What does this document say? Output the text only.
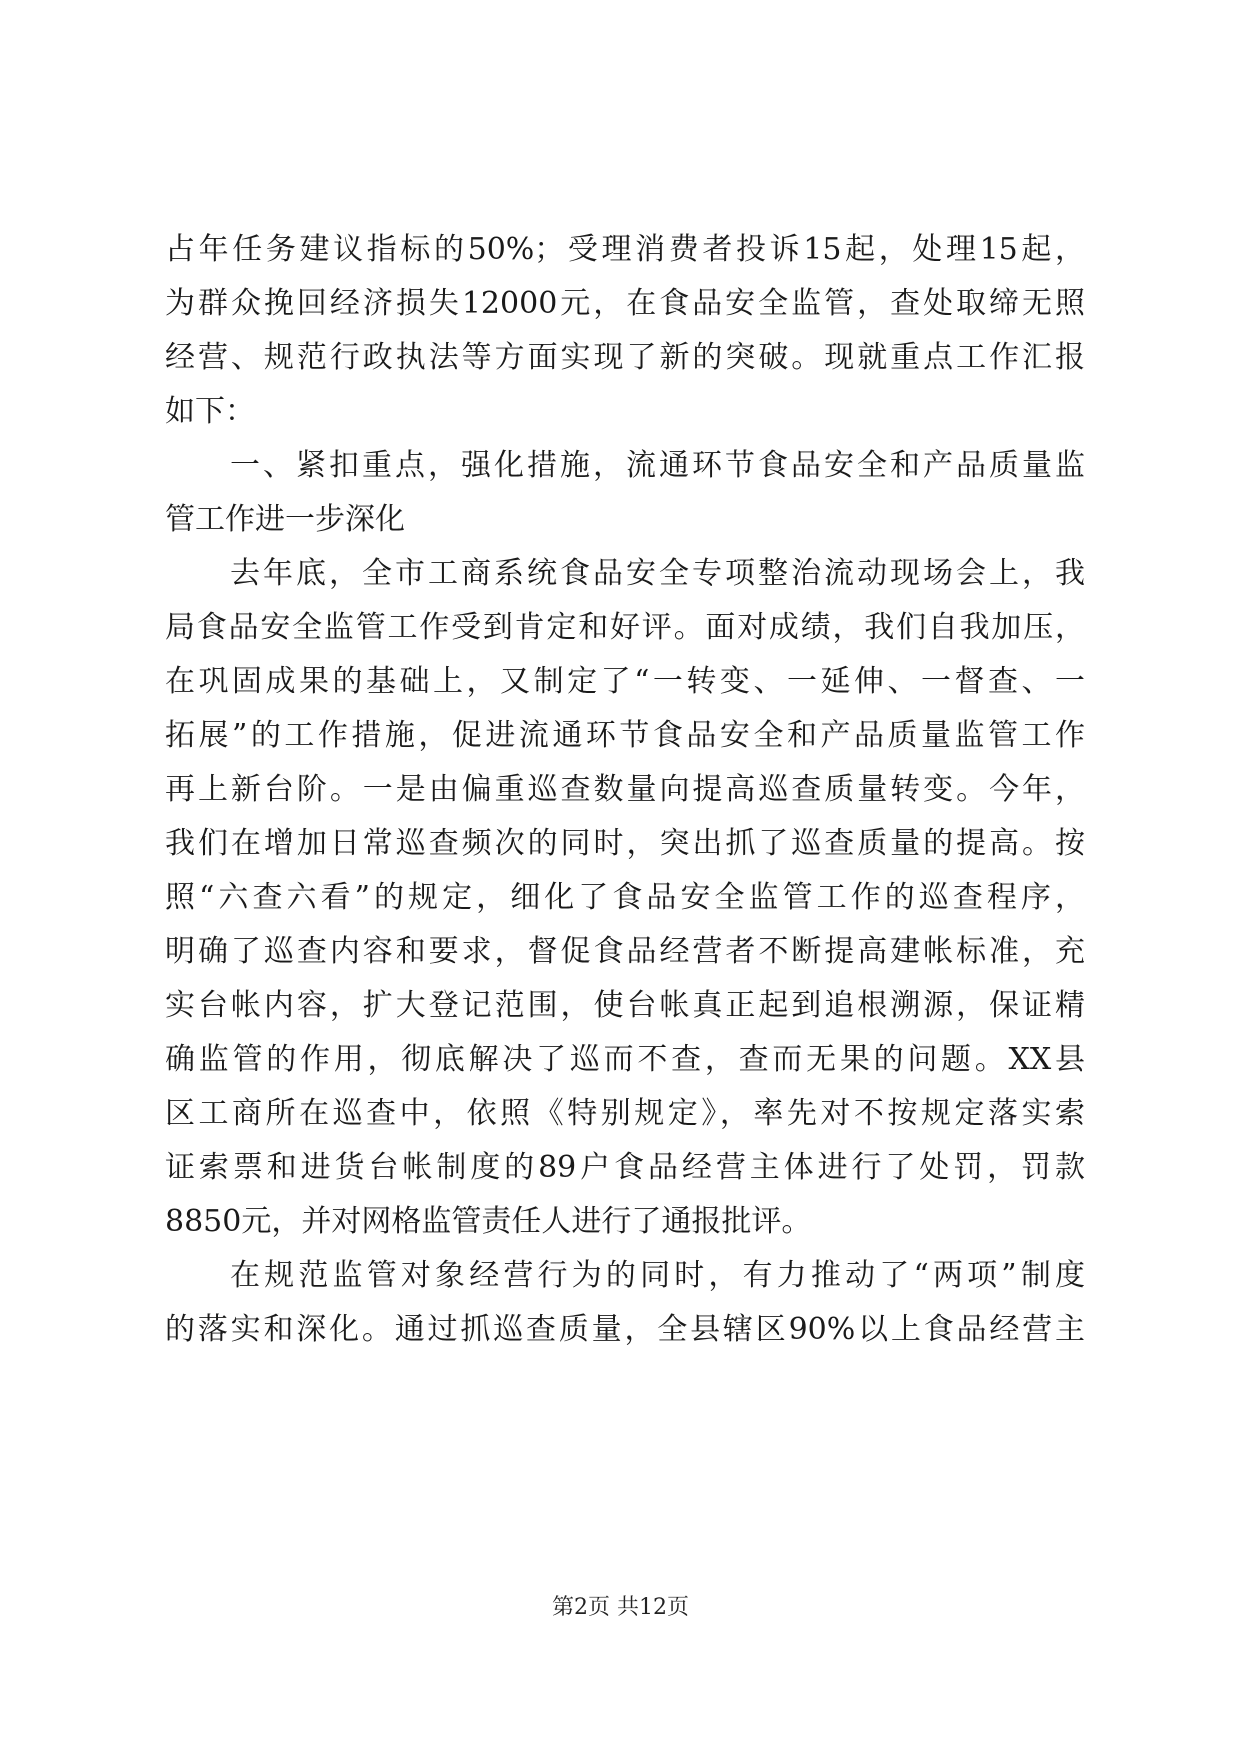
占年任务建议指标的50%；受理消费者投诉15起，处理15起，
为群众挽回经济损失12000元，在食品安全监管，查处取缔无照
经营、规范行政执法等方面实现了新的突破。现就重点工作汇报
如下：
一、紧扣重点，强化措施，流通环节食品安全和产品质量监
管工作进一步深化
去年底，全市工商系统食品安全专项整治流动现场会上，我
局食品安全监管工作受到肯定和好评。面对成绩，我们自我加压，
在巩固成果的基础上，又制定了“一转变、一延伸、一督查、一
拓展”的工作措施，促进流通环节食品安全和产品质量监管工作
再上新台阶。一是由偏重巡查数量向提高巡查质量转变。今年，
我们在增加日常巡查频次的同时，突出抓了巡查质量的提高。按
照“六查六看”的规定，细化了食品安全监管工作的巡查程序，
明确了巡查内容和要求，督促食品经营者不断提高建帐标准，充
实台帐内容，扩大登记范围，使台帐真正起到追根溯源，保证精
确监管的作用，彻底解决了巡而不查，查而无果的问题。XX县
区工商所在巡查中，依照《特别规定》，率先对不按规定落实索
证索票和进货台帐制度的89户食品经营主体进行了处罚，罚款
8850元，并对网格监管责任人进行了通报批评。
在规范监管对象经营行为的同时，有力推动了“两项”制度
的落实和深化。通过抓巡查质量，全县辖区90%以上食品经营主
第2页 共12页
